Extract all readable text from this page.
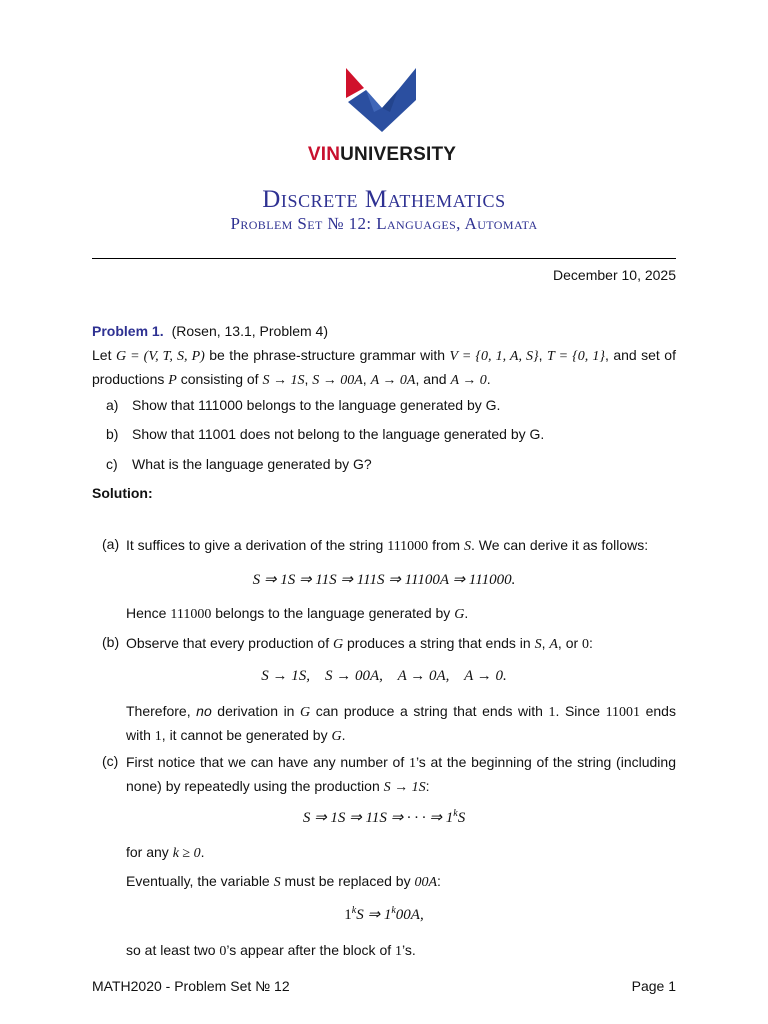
VINUNIVERSITY
Discrete Mathematics
Problem Set № 12: Languages, Automata
December 10, 2025
Problem 1. (Rosen, 13.1, Problem 4)
Let G = (V, T, S, P) be the phrase-structure grammar with V = {0, 1, A, S}, T = {0, 1}, and set of productions P consisting of S → 1S, S → 00A, A → 0A, and A → 0.
a) Show that 111000 belongs to the language generated by G.
b) Show that 11001 does not belong to the language generated by G.
c) What is the language generated by G?
Solution:
(a) It suffices to give a derivation of the string 111000 from S. We can derive it as follows:
S ⇒ 1S ⇒ 11S ⇒ 111S ⇒ 11100A ⇒ 111000.
Hence 111000 belongs to the language generated by G.
(b) Observe that every production of G produces a string that ends in S, A, or 0:
S → 1S,    S → 00A,    A → 0A,    A → 0.
Therefore, no derivation in G can produce a string that ends with 1. Since 11001 ends with 1, it cannot be generated by G.
(c) First notice that we can have any number of 1’s at the beginning of the string (including none) by repeatedly using the production S → 1S:
S ⇒ 1S ⇒ 11S ⇒ · · · ⇒ 1$^k$S
for any k ≥ 0.
Eventually, the variable S must be replaced by 00A:
1$^k$S ⇒ 1$^k$00A,
so at least two 0’s appear after the block of 1’s.
MATH2020 - Problem Set № 12	Page 1
